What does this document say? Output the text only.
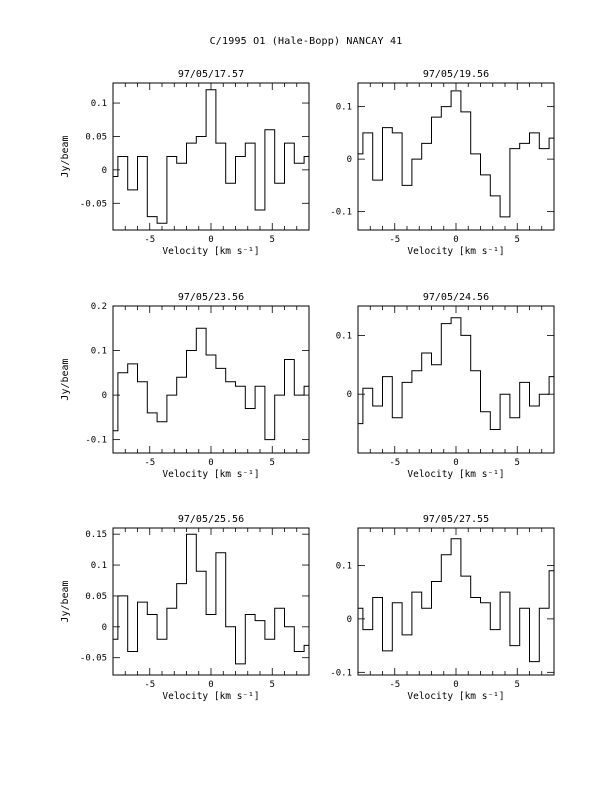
C/1995 O1 (Hale-Bopp) NANCAY 41
97/05/17.57
-5	0	5
-0.05
0
0.05
0.1
Velocity [km s⁻¹]
Jy/beam
97/05/19.56
-5	0	5
-0.1
0
0.1
Velocity [km s⁻¹]
97/05/23.56
-5	0	5
-0.1
0
0.1
0.2
Velocity [km s⁻¹]
Jy/beam
97/05/24.56
-5	0	5
0
0.1
Velocity [km s⁻¹]
97/05/25.56
-5	0	5
-0.05
0
0.05
0.1
0.15
Velocity [km s⁻¹]
Jy/beam
97/05/27.55
-5	0	5
-0.1
0
0.1
Velocity [km s⁻¹]
